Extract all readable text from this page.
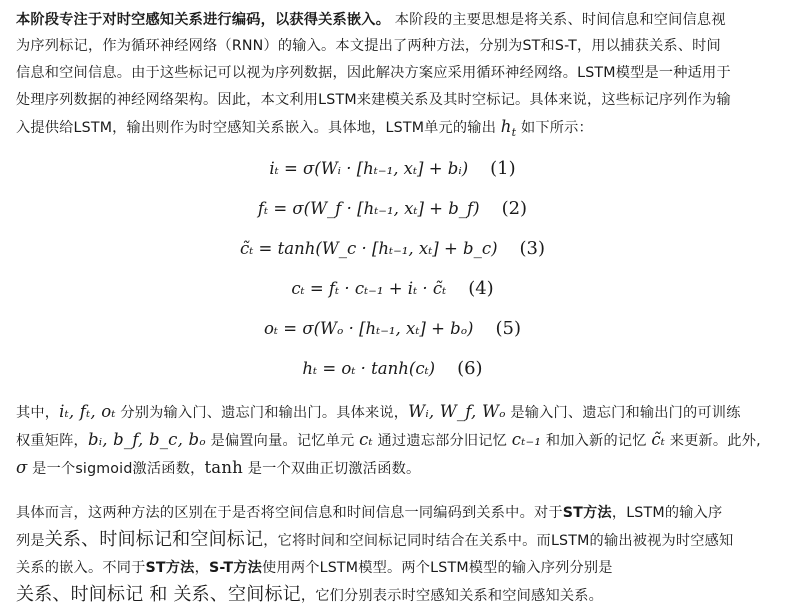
本阶段专注于对时空感知关系进行编码，以获得关系嵌入。 本阶段的主要思想是将关系、时间信息和空间信息视
为序列标记，作为循环神经网络（RNN）的输入。本文提出了两种方法，分别为ST和S-T，用以捕获关系、时间
信息和空间信息。由于这些标记可以视为序列数据，因此解决方案应采用循环神经网络。LSTM模型是一种适用于
处理序列数据的神经网络架构。因此，本文利用LSTM来建模关系及其时空标记。具体来说，这些标记序列作为输
入提供给LSTM，输出则作为时空感知关系嵌入。具体地，LSTM单元的输出 $h_t$ 如下所示：
iₜ = σ(Wᵢ · [hₜ₋₁, xₜ] + bᵢ) (1)
fₜ = σ(W_f · [hₜ₋₁, xₜ] + b_f) (2)
c̃ₜ = tanh(W_c · [hₜ₋₁, xₜ] + b_c) (3)
cₜ = fₜ · cₜ₋₁ + iₜ · c̃ₜ (4)
oₜ = σ(Wₒ · [hₜ₋₁, xₜ] + bₒ) (5)
hₜ = oₜ · tanh(cₜ) (6)
其中，iₜ, fₜ, oₜ 分别为输入门、遗忘门和输出门。具体来说，Wᵢ, W_f, Wₒ 是输入门、遗忘门和输出门的可训练
权重矩阵，bᵢ, b_f, b_c, bₒ 是偏置向量。记忆单元 cₜ 通过遗忘部分旧记忆 cₜ₋₁ 和加入新的记忆 c̃ₜ 来更新。此外,
σ 是一个sigmoid激活函数，tanh 是一个双曲正切激活函数。
具体而言，这两种方法的区别在于是否将空间信息和时间信息一同编码到关系中。对于ST方法，LSTM的输入序
列是关系、时间标记和空间标记，它将时间和空间标记同时结合在关系中。而LSTM的输出被视为时空感知
关系的嵌入。不同于ST方法，S-T方法使用两个LSTM模型。两个LSTM模型的输入序列分别是
关系、时间标记 和 关系、空间标记，它们分别表示时空感知关系和空间感知关系。
